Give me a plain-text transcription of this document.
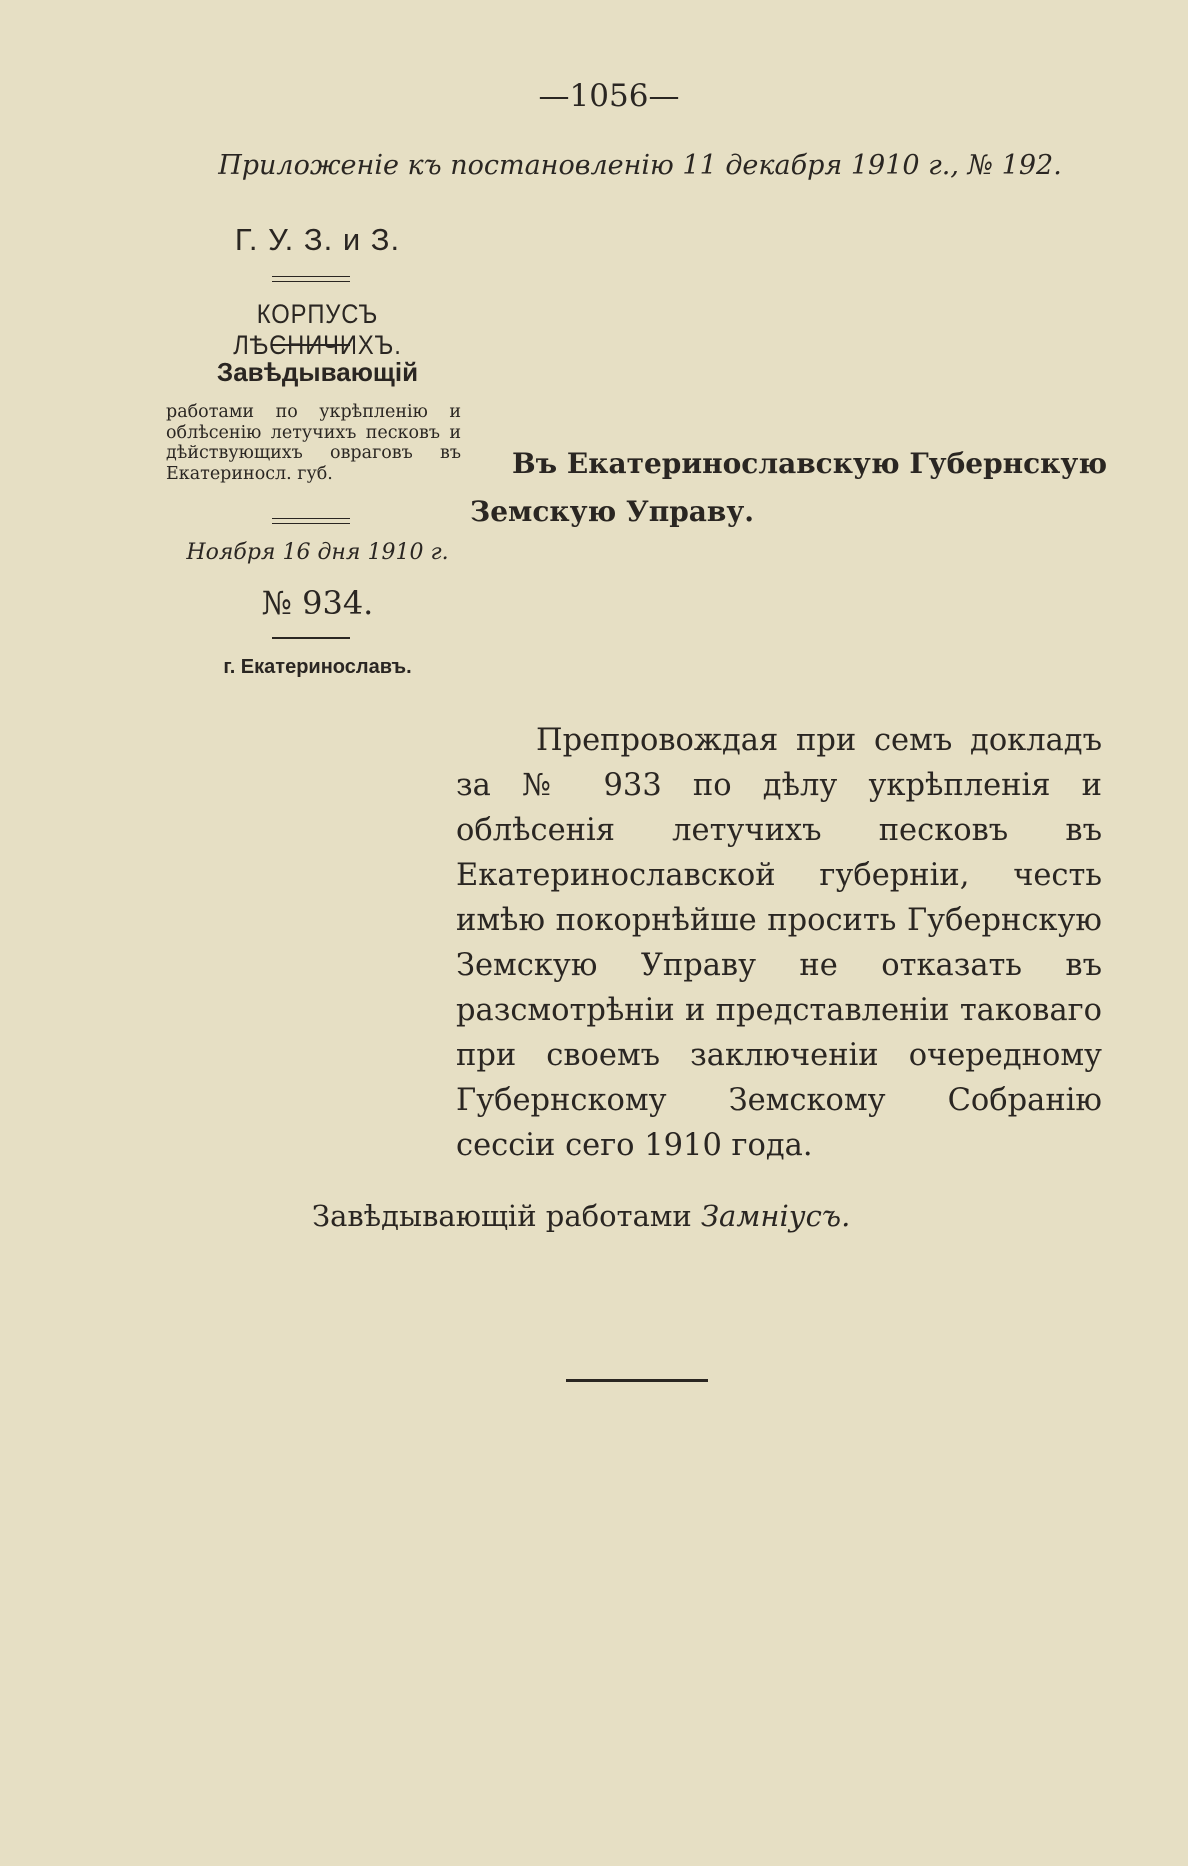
—1056—
Приложеніе къ постановленію 11 декабря 1910 г., № 192.
Г. У. З. и З.
КОРПУСЪ ЛѢСНИЧИХЪ.
Завѣдывающій
работами по укрѣпленію и облѣсенію летучихъ песковъ и дѣйствующихъ овраговъ въ Екатериносл. губ.
Ноября 16 дня 1910 г.
№ 934.
г. Екатеринославъ.
Въ Екатеринославскую Губернскую Земскую Управу.
Препровождая при семъ докладъ за № 933 по дѣлу укрѣпленія и облѣсенія летучихъ песковъ въ Екатеринославской губерніи, честь имѣю покорнѣйше просить Губернскую Земскую Управу не отказать въ разсмотрѣніи и представленіи таковаго при своемъ заключеніи очередному Губернскому Земскому Собранію сессіи сего 1910 года.
Завѣдывающій работами Замніусъ.
